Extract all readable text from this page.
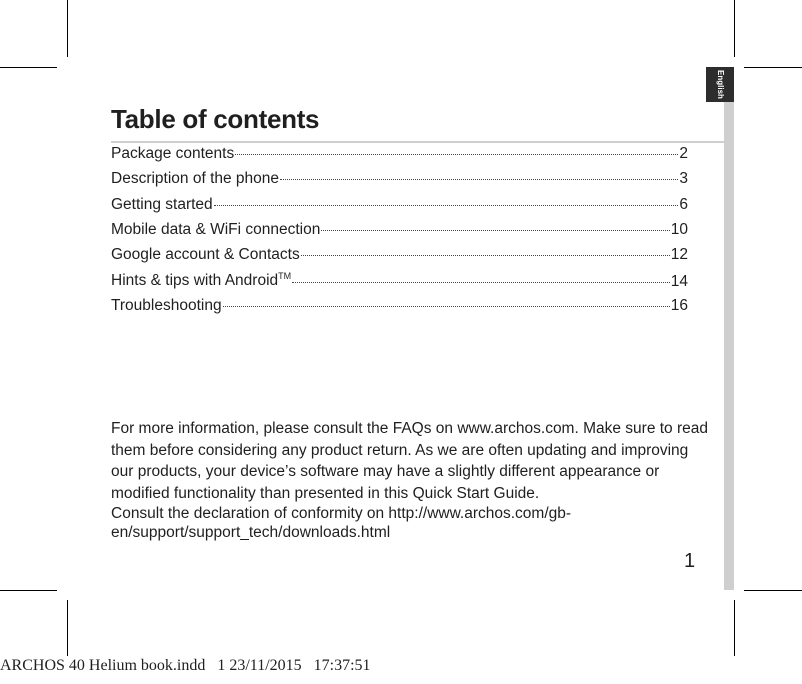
English
Table of contents
Package contents	2
Description of the phone	3
Getting started	6
Mobile data & WiFi connection	10
Google account & Contacts	12
Hints & tips with Android™	14
Troubleshooting	16

For more information, please consult the FAQs on www.archos.com. Make sure to read them before considering any product return. As we are often updating and improving our products, your device’s software may have a slightly different appearance or modified functionality than presented in this Quick Start Guide.

Consult the declaration of conformity on http://www.archos.com/gb-en/support/support_tech/downloads.html

1
ARCHOS 40 Helium book.indd 1 23/11/2015 17:37:51
